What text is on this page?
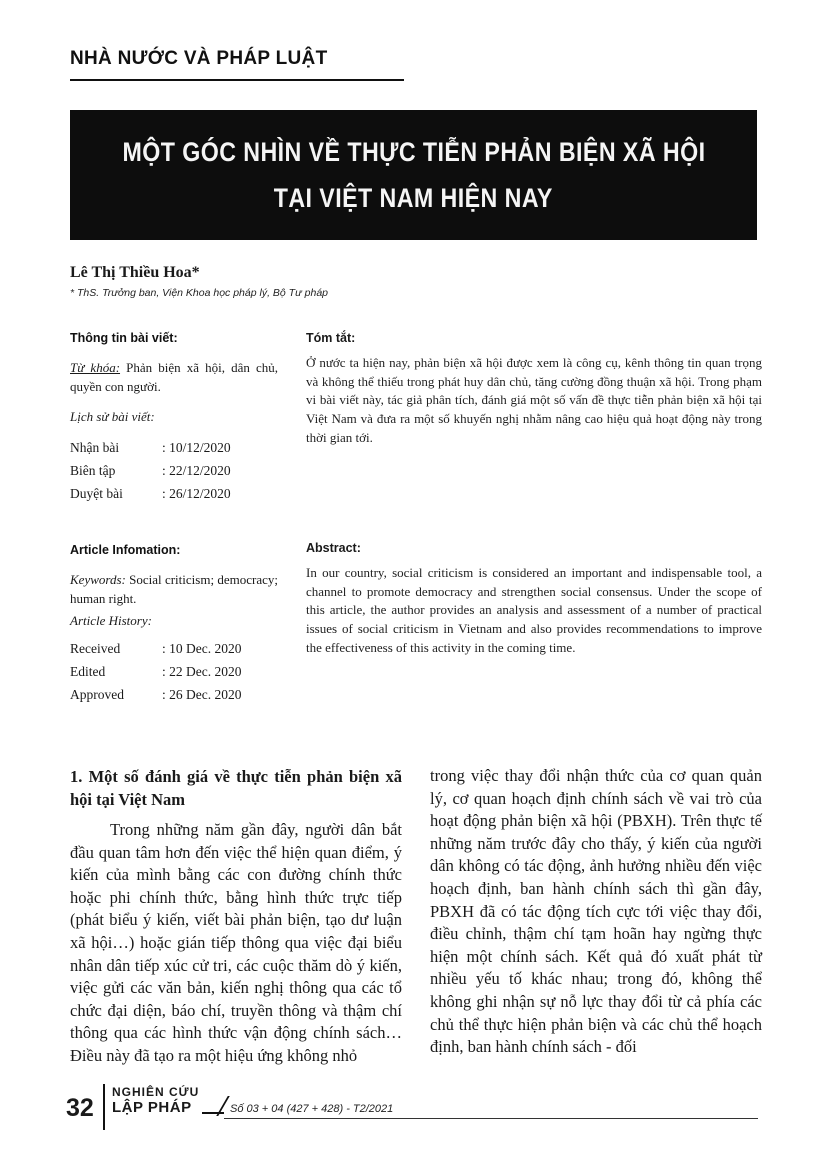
NHÀ NƯỚC VÀ PHÁP LUẬT
MỘT GÓC NHÌN VỀ THỰC TIỄN PHẢN BIỆN XÃ HỘI
TẠI VIỆT NAM HIỆN NAY
Lê Thị Thiều Hoa*
* ThS. Trưởng ban, Viện Khoa học pháp lý, Bộ Tư pháp
Thông tin bài viết:
Từ khóa: Phản biện xã hội, dân chủ, quyền con người.
Lịch sử bài viết:
Nhận bài	: 10/12/2020
Biên tập	: 22/12/2020
Duyệt bài	: 26/12/2020
Tóm tắt:
Ở nước ta hiện nay, phản biện xã hội được xem là công cụ, kênh thông tin quan trọng và không thể thiếu trong phát huy dân chủ, tăng cường đồng thuận xã hội. Trong phạm vi bài viết này, tác giả phân tích, đánh giá một số vấn đề thực tiễn phản biện xã hội tại Việt Nam và đưa ra một số khuyến nghị nhằm nâng cao hiệu quả hoạt động này trong thời gian tới.
Article Infomation:
Keywords: Social criticism; democracy; human right.
Article History:
Received	: 10 Dec. 2020
Edited	: 22 Dec. 2020
Approved	: 26 Dec. 2020
Abstract:
In our country, social criticism is considered an important and indispensable tool, a channel to promote democracy and strengthen social consensus. Under the scope of this article, the author provides an analysis and assessment of a number of practical issues of social criticism in Vietnam and also provides recommendations to improve the effectiveness of this activity in the coming time.
1. Một số đánh giá về thực tiễn phản biện xã hội tại Việt Nam
Trong những năm gần đây, người dân bắt đầu quan tâm hơn đến việc thể hiện quan điểm, ý kiến của mình bằng các con đường chính thức hoặc phi chính thức, bằng hình thức trực tiếp (phát biểu ý kiến, viết bài phản biện, tạo dư luận xã hội…) hoặc gián tiếp thông qua việc đại biểu nhân dân tiếp xúc cử tri, các cuộc thăm dò ý kiến, việc gửi các văn bản, kiến nghị thông qua các tổ chức đại diện, báo chí, truyền thông và thậm chí thông qua các hình thức vận động chính sách… Điều này đã tạo ra một hiệu ứng không nhỏ
trong việc thay đổi nhận thức của cơ quan quản lý, cơ quan hoạch định chính sách về vai trò của hoạt động phản biện xã hội (PBXH). Trên thực tế những năm trước đây cho thấy, ý kiến của người dân không có tác động, ảnh hưởng nhiều đến việc hoạch định, ban hành chính sách thì gần đây, PBXH đã có tác động tích cực tới việc thay đổi, điều chỉnh, thậm chí tạm hoãn hay ngừng thực hiện một chính sách. Kết quả đó xuất phát từ nhiều yếu tố khác nhau; trong đó, không thể không ghi nhận sự nỗ lực thay đổi từ cả phía các chủ thể thực hiện phản biện và các chủ thể hoạch định, ban hành chính sách - đối
32
NGHIÊN CỨU
LẬP PHÁP	Số 03 + 04 (427 + 428) - T2/2021
